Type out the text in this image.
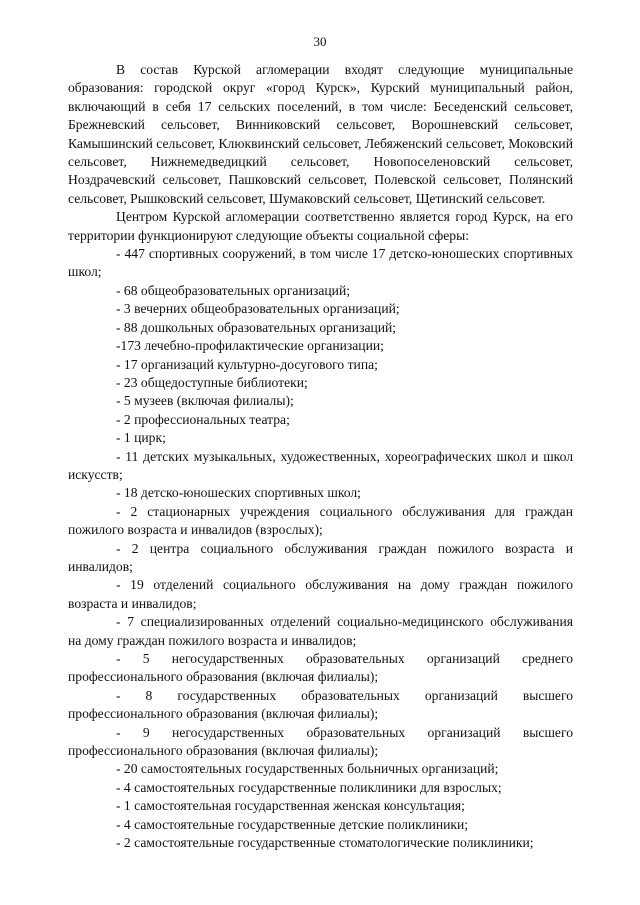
30

В состав Курской агломерации входят следующие муниципальные образования: городской округ «город Курск», Курский муниципальный район, включающий в себя 17 сельских поселений, в том числе: Беседенский сельсовет, Брежневский сельсовет, Винниковский сельсовет, Ворошневский сельсовет, Камышинский сельсовет, Клюквинский сельсовет, Лебяженский сельсовет, Моковский сельсовет, Нижнемедведицкий сельсовет, Новопоселеновский сельсовет, Ноздрачевский сельсовет, Пашковский сельсовет, Полевской сельсовет, Полянский сельсовет, Рышковский сельсовет, Шумаковский сельсовет, Щетинский сельсовет.

Центром Курской агломерации соответственно является город Курск, на его территории функционируют следующие объекты социальной сферы:

- 447 спортивных сооружений, в том числе 17 детско-юношеских спортивных школ;

- 68 общеобразовательных организаций;

- 3 вечерних общеобразовательных организаций;

- 88 дошкольных образовательных организаций;

-173 лечебно-профилактические организации;

- 17 организаций культурно-досугового типа;

- 23 общедоступные библиотеки;

- 5 музеев (включая филиалы);

- 2 профессиональных театра;

- 1 цирк;

- 11 детских музыкальных, художественных, хореографических школ и школ искусств;

- 18 детско-юношеских спортивных школ;

- 2 стационарных учреждения социального обслуживания для граждан пожилого возраста и инвалидов (взрослых);

- 2 центра социального обслуживания граждан пожилого возраста и инвалидов;

- 19 отделений социального обслуживания на дому граждан пожилого возраста и инвалидов;

- 7 специализированных отделений социально-медицинского обслуживания на дому граждан пожилого возраста и инвалидов;

- 5 негосударственных образовательных организаций среднего профессионального образования (включая филиалы);

- 8 государственных образовательных организаций высшего профессионального образования (включая филиалы);

- 9 негосударственных образовательных организаций высшего профессионального образования (включая филиалы);

- 20 самостоятельных государственных больничных организаций;

- 4 самостоятельных государственные поликлиники для взрослых;

- 1 самостоятельная государственная женская консультация;

- 4 самостоятельные государственные детские поликлиники;

- 2 самостоятельные государственные стоматологические поликлиники;
